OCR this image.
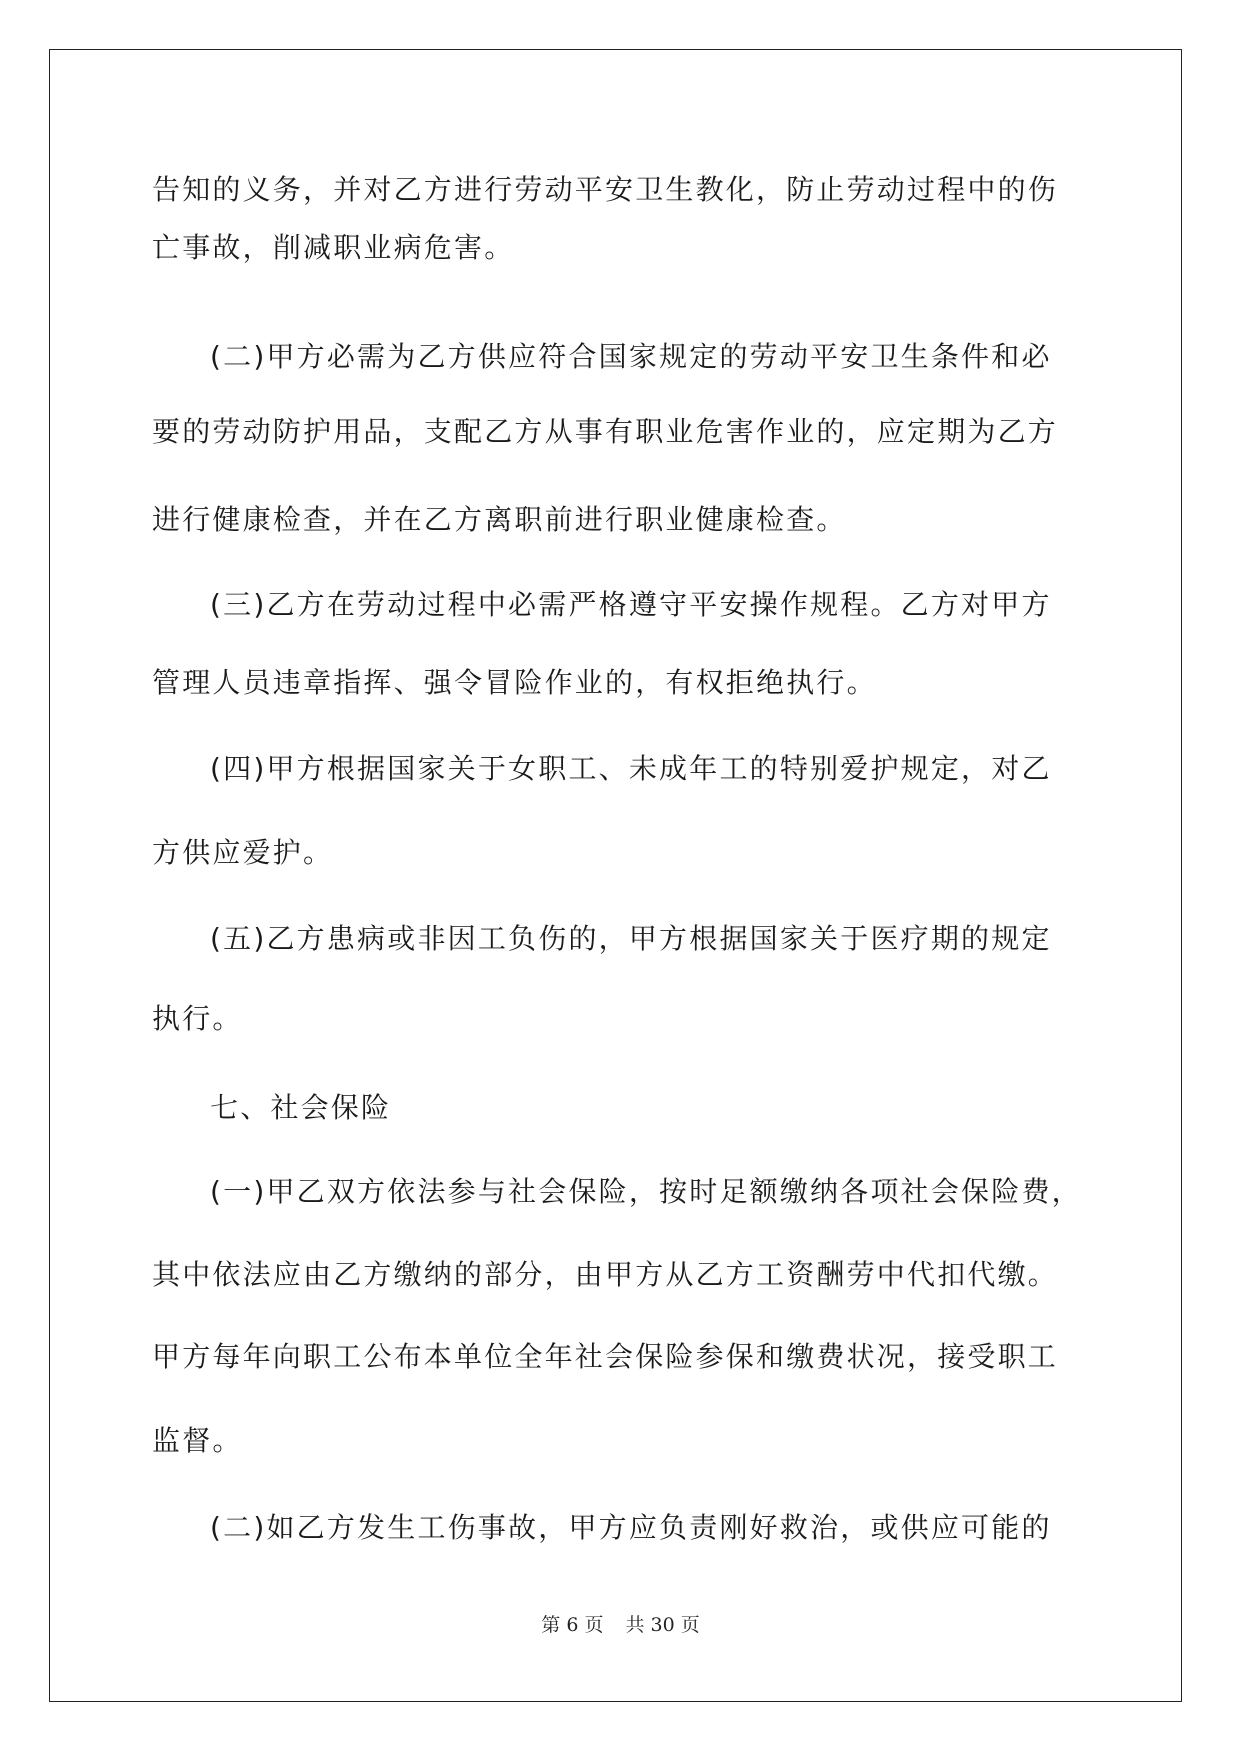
告知的义务，并对乙方进行劳动平安卫生教化，防止劳动过程中的伤
亡事故，削减职业病危害。
(二)甲方必需为乙方供应符合国家规定的劳动平安卫生条件和必
要的劳动防护用品，支配乙方从事有职业危害作业的，应定期为乙方
进行健康检查，并在乙方离职前进行职业健康检查。
(三)乙方在劳动过程中必需严格遵守平安操作规程。乙方对甲方
管理人员违章指挥、强令冒险作业的，有权拒绝执行。
(四)甲方根据国家关于女职工、未成年工的特别爱护规定，对乙
方供应爱护。
(五)乙方患病或非因工负伤的，甲方根据国家关于医疗期的规定
执行。
七、社会保险
(一)甲乙双方依法参与社会保险，按时足额缴纳各项社会保险费，
其中依法应由乙方缴纳的部分，由甲方从乙方工资酬劳中代扣代缴。
甲方每年向职工公布本单位全年社会保险参保和缴费状况，接受职工
监督。
(二)如乙方发生工伤事故，甲方应负责刚好救治，或供应可能的
第 6 页 共 30 页
